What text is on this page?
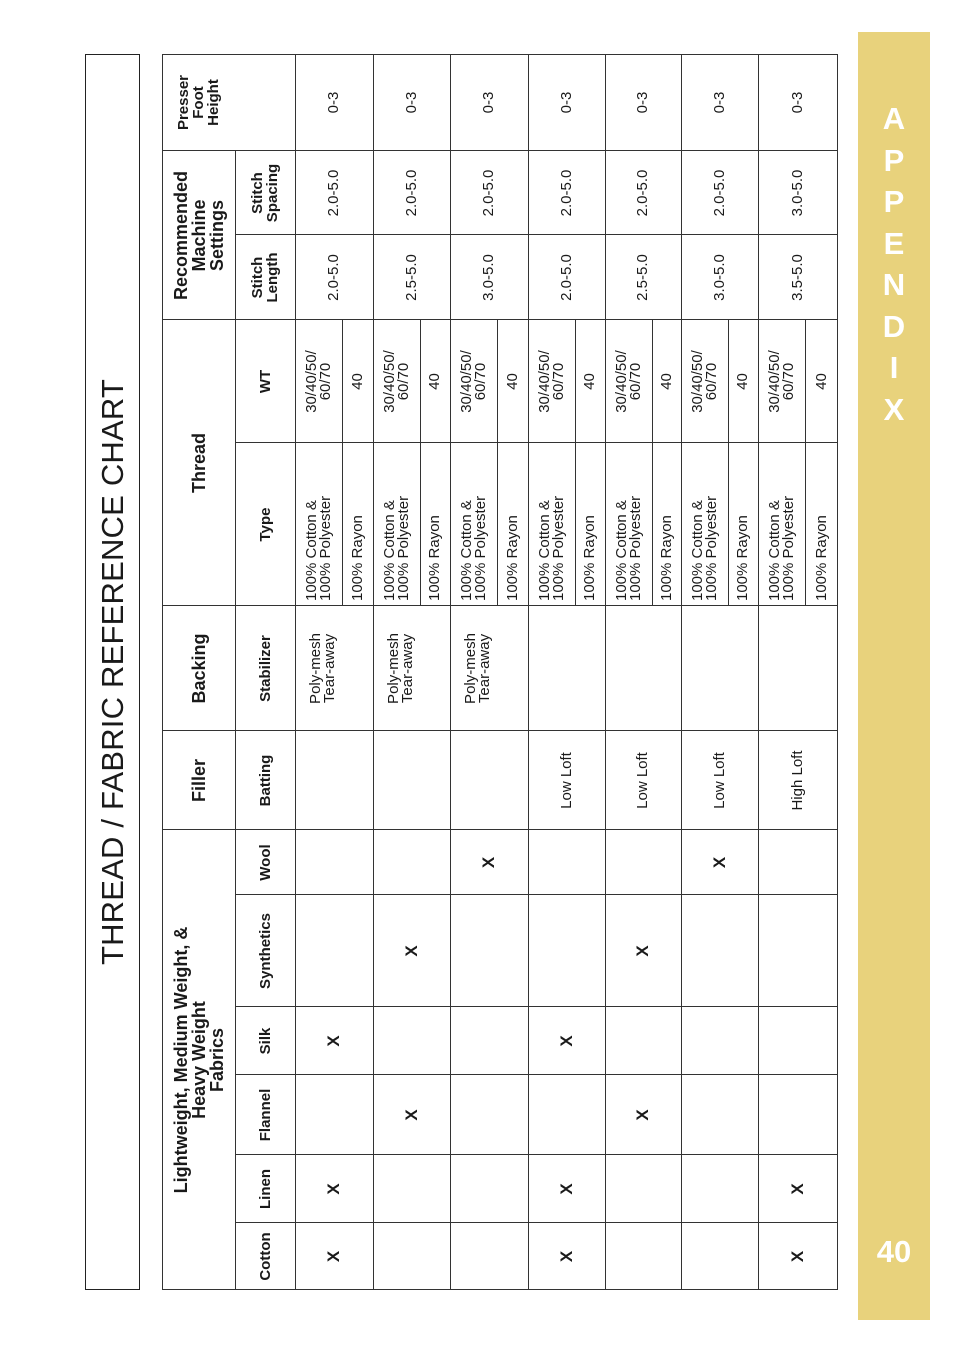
A
P
P
E
N
D
I
X
40
THREAD / FABRIC REFERENCE CHART
Lightweight, Medium Weight, &
Heavy Weight
Fabrics
Filler
Backing
Thread
Recommended
Machine
Settings
Presser
Foot
Height
Cotton
Linen
Flannel
Silk
Synthetics
Wool
Batting
Stabilizer
Type
WT
Stitch
Length
Stitch
Spacing
X
X
X
Poly-mesh
Tear-away
100% Cotton &
100% Polyester
30/40/50/
60/70
100% Rayon
40
2.0-5.0
2.0-5.0
0-3
X
X
Poly-mesh
Tear-away
100% Cotton &
100% Polyester
30/40/50/
60/70
100% Rayon
40
2.5-5.0
2.0-5.0
0-3
X
Poly-mesh
Tear-away
100% Cotton &
100% Polyester
30/40/50/
60/70
100% Rayon
40
3.0-5.0
2.0-5.0
0-3
X
X
X
Low Loft
100% Cotton &
100% Polyester
30/40/50/
60/70
100% Rayon
40
2.0-5.0
2.0-5.0
0-3
X
X
Low Loft
100% Cotton &
100% Polyester
30/40/50/
60/70
100% Rayon
40
2.5-5.0
2.0-5.0
0-3
X
Low Loft
100% Cotton &
100% Polyester
30/40/50/
60/70
100% Rayon
40
3.0-5.0
2.0-5.0
0-3
X
X
High Loft
100% Cotton &
100% Polyester
30/40/50/
60/70
100% Rayon
40
3.5-5.0
3.0-5.0
0-3
